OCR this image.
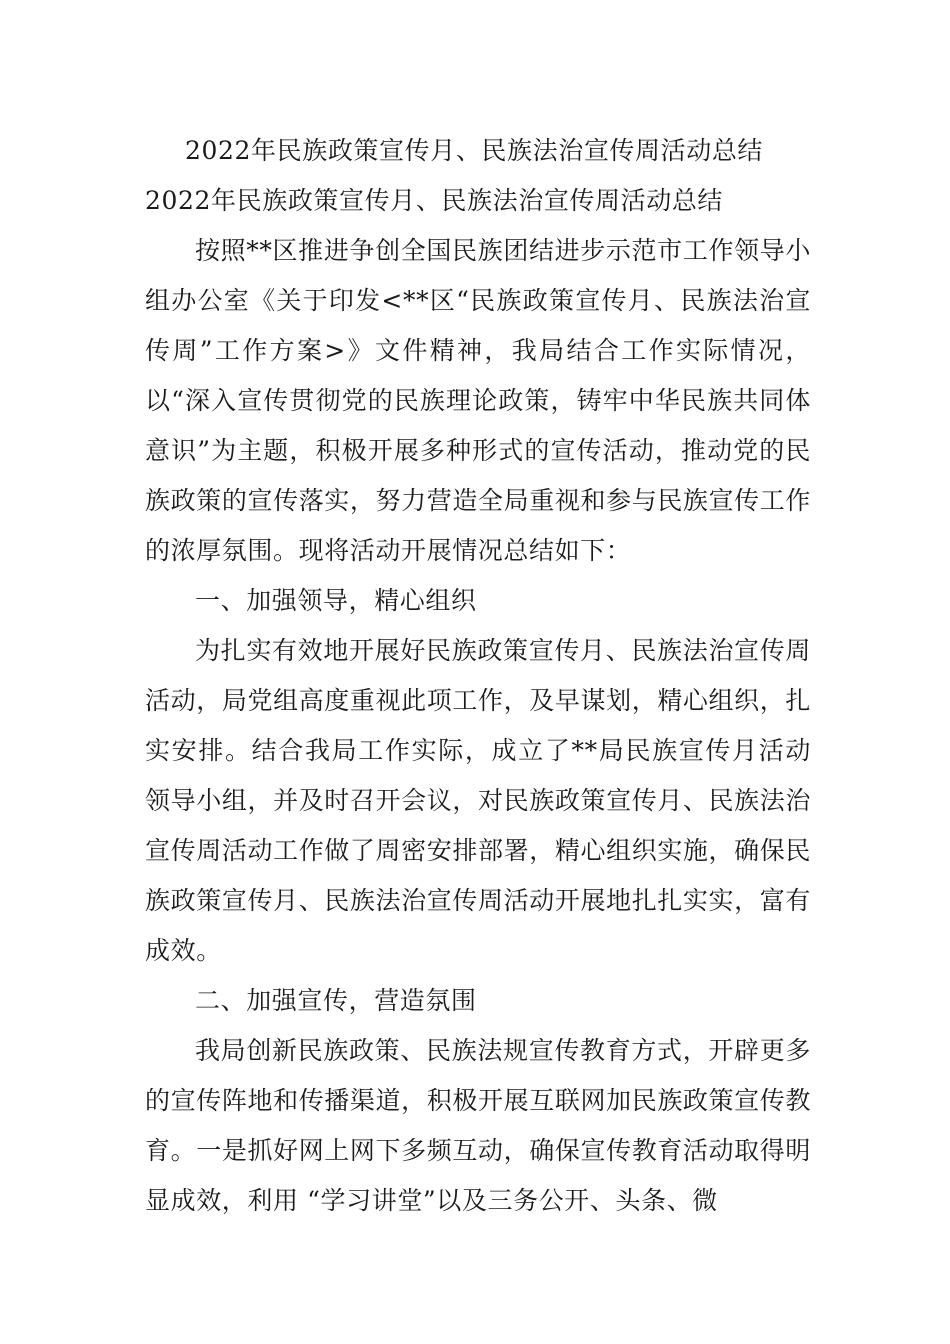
2022年民族政策宣传月、民族法治宣传周活动总结

2022年民族政策宣传月、民族法治宣传周活动总结

按照**区推进争创全国民族团结进步示范市工作领导小组办公室《关于印发<**区“民族政策宣传月、民族法治宣传周”工作方案>》文件精神，我局结合工作实际情况，以“深入宣传贯彻党的民族理论政策，铸牢中华民族共同体意识”为主题，积极开展多种形式的宣传活动，推动党的民族政策的宣传落实，努力营造全局重视和参与民族宣传工作的浓厚氛围。现将活动开展情况总结如下：

一、加强领导，精心组织

为扎实有效地开展好民族政策宣传月、民族法治宣传周活动，局党组高度重视此项工作，及早谋划，精心组织，扎实安排。结合我局工作实际，成立了**局民族宣传月活动领导小组，并及时召开会议，对民族政策宣传月、民族法治宣传周活动工作做了周密安排部署，精心组织实施，确保民族政策宣传月、民族法治宣传周活动开展地扎扎实实，富有成效。

二、加强宣传，营造氛围

我局创新民族政策、民族法规宣传教育方式，开辟更多的宣传阵地和传播渠道，积极开展互联网加民族政策宣传教育。一是抓好网上网下多频互动，确保宣传教育活动取得明显成效，利用 “学习讲堂”以及三务公开、头条、微
